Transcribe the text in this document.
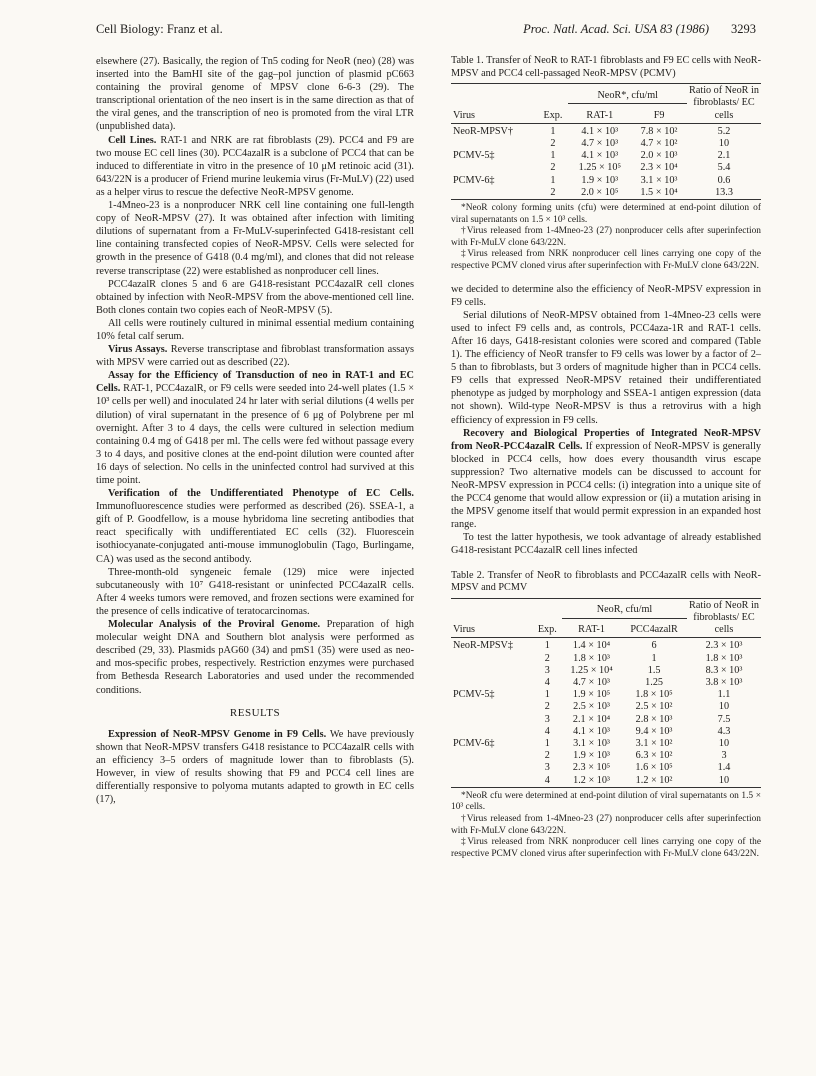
Cell Biology: Franz et al.	Proc. Natl. Acad. Sci. USA 83 (1986) 3293

elsewhere (27). Basically, the region of Tn5 coding for NeoR (neo) (28) was inserted into the BamHI site of the gag–pol junction of plasmid pC663 containing the proviral genome of MPSV clone 6-6-3 (29). The transcriptional orientation of the neo insert is in the same direction as that of the viral genes, and the transcription of neo is promoted from the viral LTR (unpublished data).

Cell Lines. RAT-1 and NRK are rat fibroblasts (29). PCC4 and F9 are two mouse EC cell lines (30). PCC4azalR is a subclone of PCC4 that can be induced to differentiate in vitro in the presence of 10 μM retinoic acid (31). 643/22N is a producer of Friend murine leukemia virus (Fr-MuLV) (22) used as a helper virus to rescue the defective NeoR-MPSV genome.

1-4Mneo-23 is a nonproducer NRK cell line containing one full-length copy of NeoR-MPSV (27). It was obtained after infection with limiting dilutions of supernatant from a Fr-MuLV-superinfected G418-resistant cell line containing transfected copies of NeoR-MPSV. Cells were selected for growth in the presence of G418 (0.4 mg/ml), and clones that did not release reverse transcriptase (22) were established as nonproducer cell lines.

PCC4azalR clones 5 and 6 are G418-resistant PCC4azalR cell clones obtained by infection with NeoR-MPSV from the above-mentioned cell line. Both clones contain two copies each of NeoR-MPSV (5).

All cells were routinely cultured in minimal essential medium containing 10% fetal calf serum.

Virus Assays. Reverse transcriptase and fibroblast transformation assays with MPSV were carried out as described (22).

Assay for the Efficiency of Transduction of neo in RAT-1 and EC Cells. RAT-1, PCC4azalR, or F9 cells were seeded into 24-well plates (1.5 × 10³ cells per well) and inoculated 24 hr later with serial dilutions (4 wells per dilution) of viral supernatant in the presence of 6 μg of Polybrene per ml overnight. After 3 to 4 days, the cells were cultured in selection medium containing 0.4 mg of G418 per ml. The cells were fed without passage every 3 to 4 days, and positive clones at the end-point dilution were counted after 16 days of selection. No cells in the uninfected control had survived at this time point.

Verification of the Undifferentiated Phenotype of EC Cells. Immunofluorescence studies were performed as described (26). SSEA-1, a gift of P. Goodfellow, is a mouse hybridoma line secreting antibodies that react specifically with undifferentiated EC cells (32). Fluorescein isothiocyanate-conjugated anti-mouse immunoglobulin (Tago, Burlingame, CA) was used as the second antibody.

Three-month-old syngeneic female (129) mice were injected subcutaneously with 10⁷ G418-resistant or uninfected PCC4azalR cells. After 4 weeks tumors were removed, and frozen sections were examined for the presence of cells indicative of teratocarcinomas.

Molecular Analysis of the Proviral Genome. Preparation of high molecular weight DNA and Southern blot analysis were performed as described (29, 33). Plasmids pAG60 (34) and pmS1 (35) were used as neo- and mos-specific probes, respectively. Restriction enzymes were purchased from Bethesda Research Laboratories and used under the recommended conditions.

RESULTS

Expression of NeoR-MPSV Genome in F9 Cells. We have previously shown that NeoR-MPSV transfers G418 resistance to PCC4azalR cells with an efficiency 3–5 orders of magnitude lower than to fibroblasts (5). However, in view of results showing that F9 and PCC4 cell lines are differentially responsive to polyoma mutants adapted to growth in EC cells (17),

Table 1. Transfer of NeoR to RAT-1 fibroblasts and F9 EC cells with NeoR-MPSV and PCC4 cell-passaged NeoR-MPSV (PCMV)

Virus	Exp.	NeoR*, cfu/ml		Ratio of NeoR in fibroblasts/ EC cells
		RAT-1	F9	
NeoR-MPSV†	1	4.1 × 10³	7.8 × 10²	5.2
	2	4.7 × 10³	4.7 × 10²	10
PCMV-5‡	1	4.1 × 10³	2.0 × 10³	2.1
	2	1.25 × 10⁵	2.3 × 10⁴	5.4
PCMV-6‡	1	1.9 × 10³	3.1 × 10³	0.6
	2	2.0 × 10⁵	1.5 × 10⁴	13.3

*NeoR colony forming units (cfu) were determined at end-point dilution of viral supernatants on 1.5 × 10³ cells.

†Virus released from 1-4Mneo-23 (27) nonproducer cells after superinfection with Fr-MuLV clone 643/22N.

‡Virus released from NRK nonproducer cell lines carrying one copy of the respective PCMV cloned virus after superinfection with Fr-MuLV clone 643/22N.

we decided to determine also the efficiency of NeoR-MPSV expression in F9 cells.

Serial dilutions of NeoR-MPSV obtained from 1-4Mneo-23 cells were used to infect F9 cells and, as controls, PCC4aza-1R and RAT-1 cells. After 16 days, G418-resistant colonies were scored and compared (Table 1). The efficiency of NeoR transfer to F9 cells was lower by a factor of 2–5 than to fibroblasts, but 3 orders of magnitude higher than in PCC4 cells. F9 cells that expressed NeoR-MPSV retained their undifferentiated phenotype as judged by morphology and SSEA-1 antigen expression (data not shown). Wild-type NeoR-MPSV is thus a retrovirus with a high efficiency of expression in F9 cells.

Recovery and Biological Properties of Integrated NeoR-MPSV from NeoR-PCC4azalR Cells. If expression of NeoR-MPSV is generally blocked in PCC4 cells, how does every thousandth virus escape suppression? Two alternative models can be discussed to account for NeoR-MPSV expression in PCC4 cells: (i) integration into a unique site of the PCC4 genome that would allow expression or (ii) a mutation arising in the MPSV genome itself that would permit expression in an expanded host range.

To test the latter hypothesis, we took advantage of already established G418-resistant PCC4azalR cell lines infected

Table 2. Transfer of NeoR to fibroblasts and PCC4azalR cells with NeoR-MPSV and PCMV

Virus	Exp.	NeoR, cfu/ml		Ratio of NeoR in fibroblasts/ EC cells
		RAT-1	PCC4azalR	
NeoR-MPSV‡	1	1.4 × 10⁴	6	2.3 × 10³
	2	1.8 × 10³	1	1.8 × 10³
	3	1.25 × 10⁴	1.5	8.3 × 10³
	4	4.7 × 10³	1.25	3.8 × 10³
PCMV-5‡	1	1.9 × 10⁵	1.8 × 10⁵	1.1
	2	2.5 × 10³	2.5 × 10²	10
	3	2.1 × 10⁴	2.8 × 10³	7.5
	4	4.1 × 10³	9.4 × 10³	4.3
PCMV-6‡	1	3.1 × 10³	3.1 × 10²	10
	2	1.9 × 10³	6.3 × 10²	3
	3	2.3 × 10⁵	1.6 × 10⁵	1.4
	4	1.2 × 10³	1.2 × 10²	10

*NeoR cfu were determined at end-point dilution of viral supernatants on 1.5 × 10³ cells.

†Virus released from 1-4Mneo-23 (27) nonproducer cells after superinfection with Fr-MuLV clone 643/22N.

‡Virus released from NRK nonproducer cell lines carrying one copy of the respective PCMV cloned virus after superinfection with Fr-MuLV clone 643/22N.
